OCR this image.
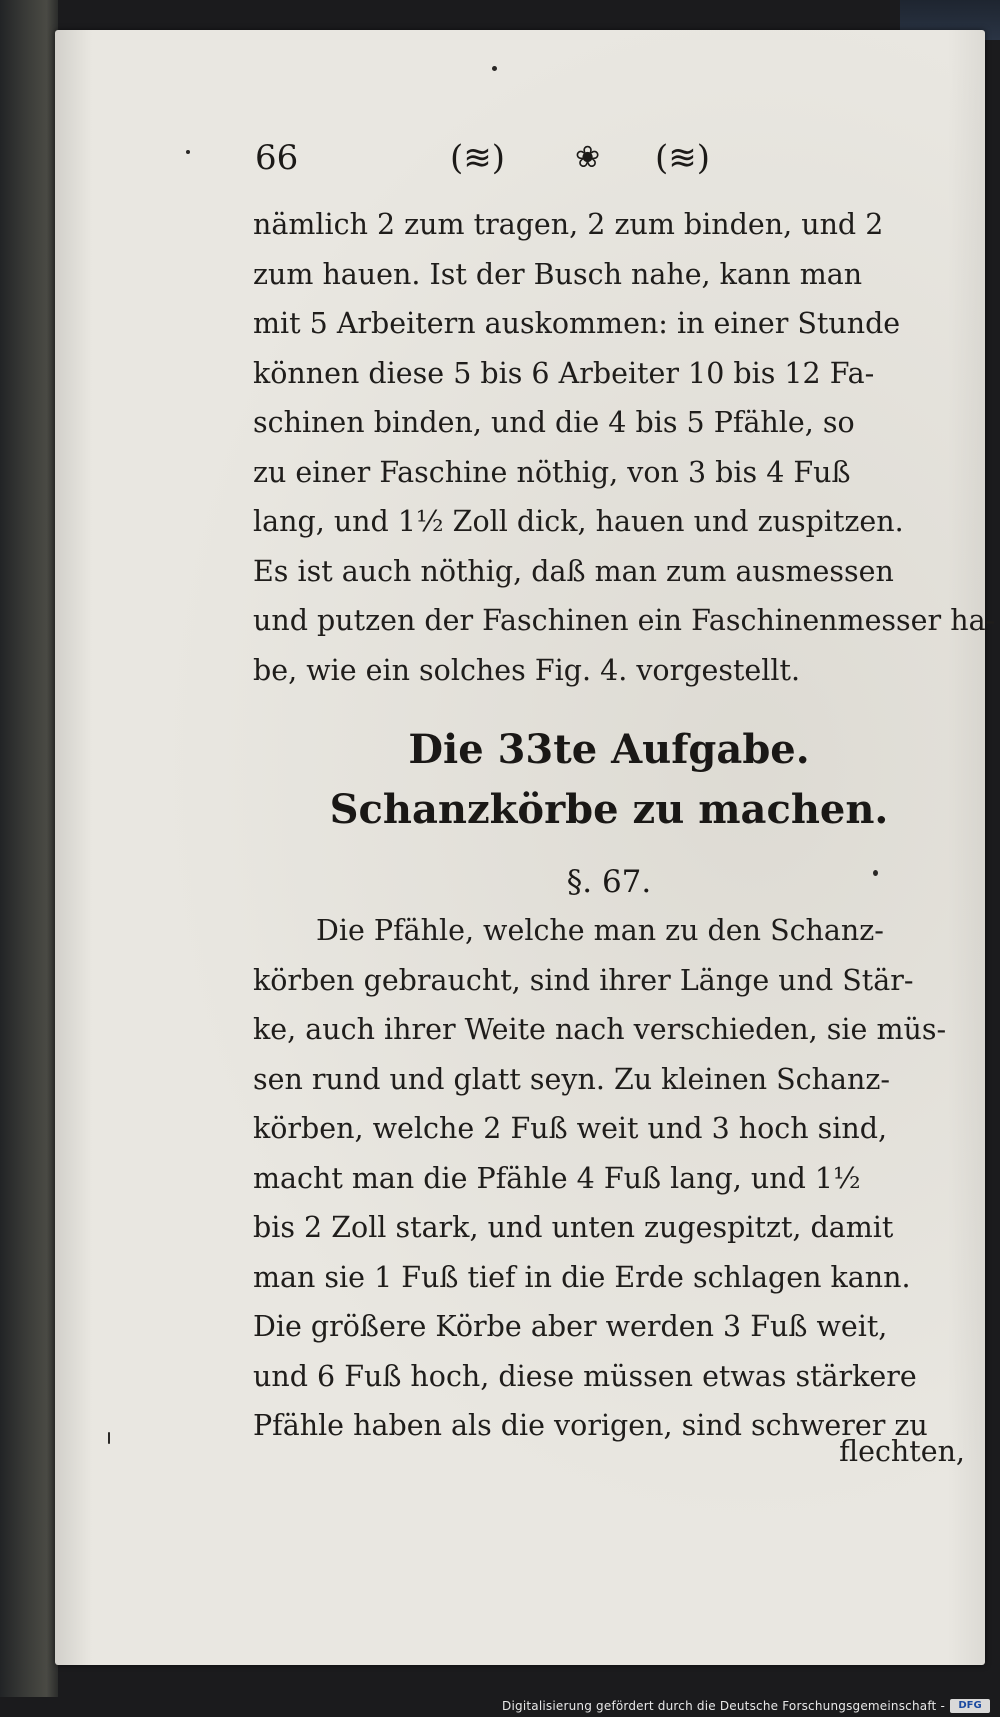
66	(≋) ❀ (≋)
nämlich 2 zum tragen, 2 zum binden, und 2
zum hauen. Ist der Busch nahe, kann man
mit 5 Arbeitern auskommen: in einer Stunde
können diese 5 bis 6 Arbeiter 10 bis 12 Fa-
schinen binden, und die 4 bis 5 Pfähle, so
zu einer Faschine nöthig, von 3 bis 4 Fuß
lang, und 1½ Zoll dick, hauen und zuspitzen.
Es ist auch nöthig, daß man zum ausmessen
und putzen der Faschinen ein Faschinenmesser ha-
be, wie ein solches Fig. 4. vorgestellt.
Die 33te Aufgabe.
Schanzkörbe zu machen.
§. 67.
Die Pfähle, welche man zu den Schanz-
körben gebraucht, sind ihrer Länge und Stär-
ke, auch ihrer Weite nach verschieden, sie müs-
sen rund und glatt seyn. Zu kleinen Schanz-
körben, welche 2 Fuß weit und 3 hoch sind,
macht man die Pfähle 4 Fuß lang, und 1½
bis 2 Zoll stark, und unten zugespitzt, damit
man sie 1 Fuß tief in die Erde schlagen kann.
Die größere Körbe aber werden 3 Fuß weit,
und 6 Fuß hoch, diese müssen etwas stärkere
Pfähle haben als die vorigen, sind schwerer zu
flechten,
Digitalisierung gefördert durch die Deutsche Forschungsgemeinschaft -	DFG
